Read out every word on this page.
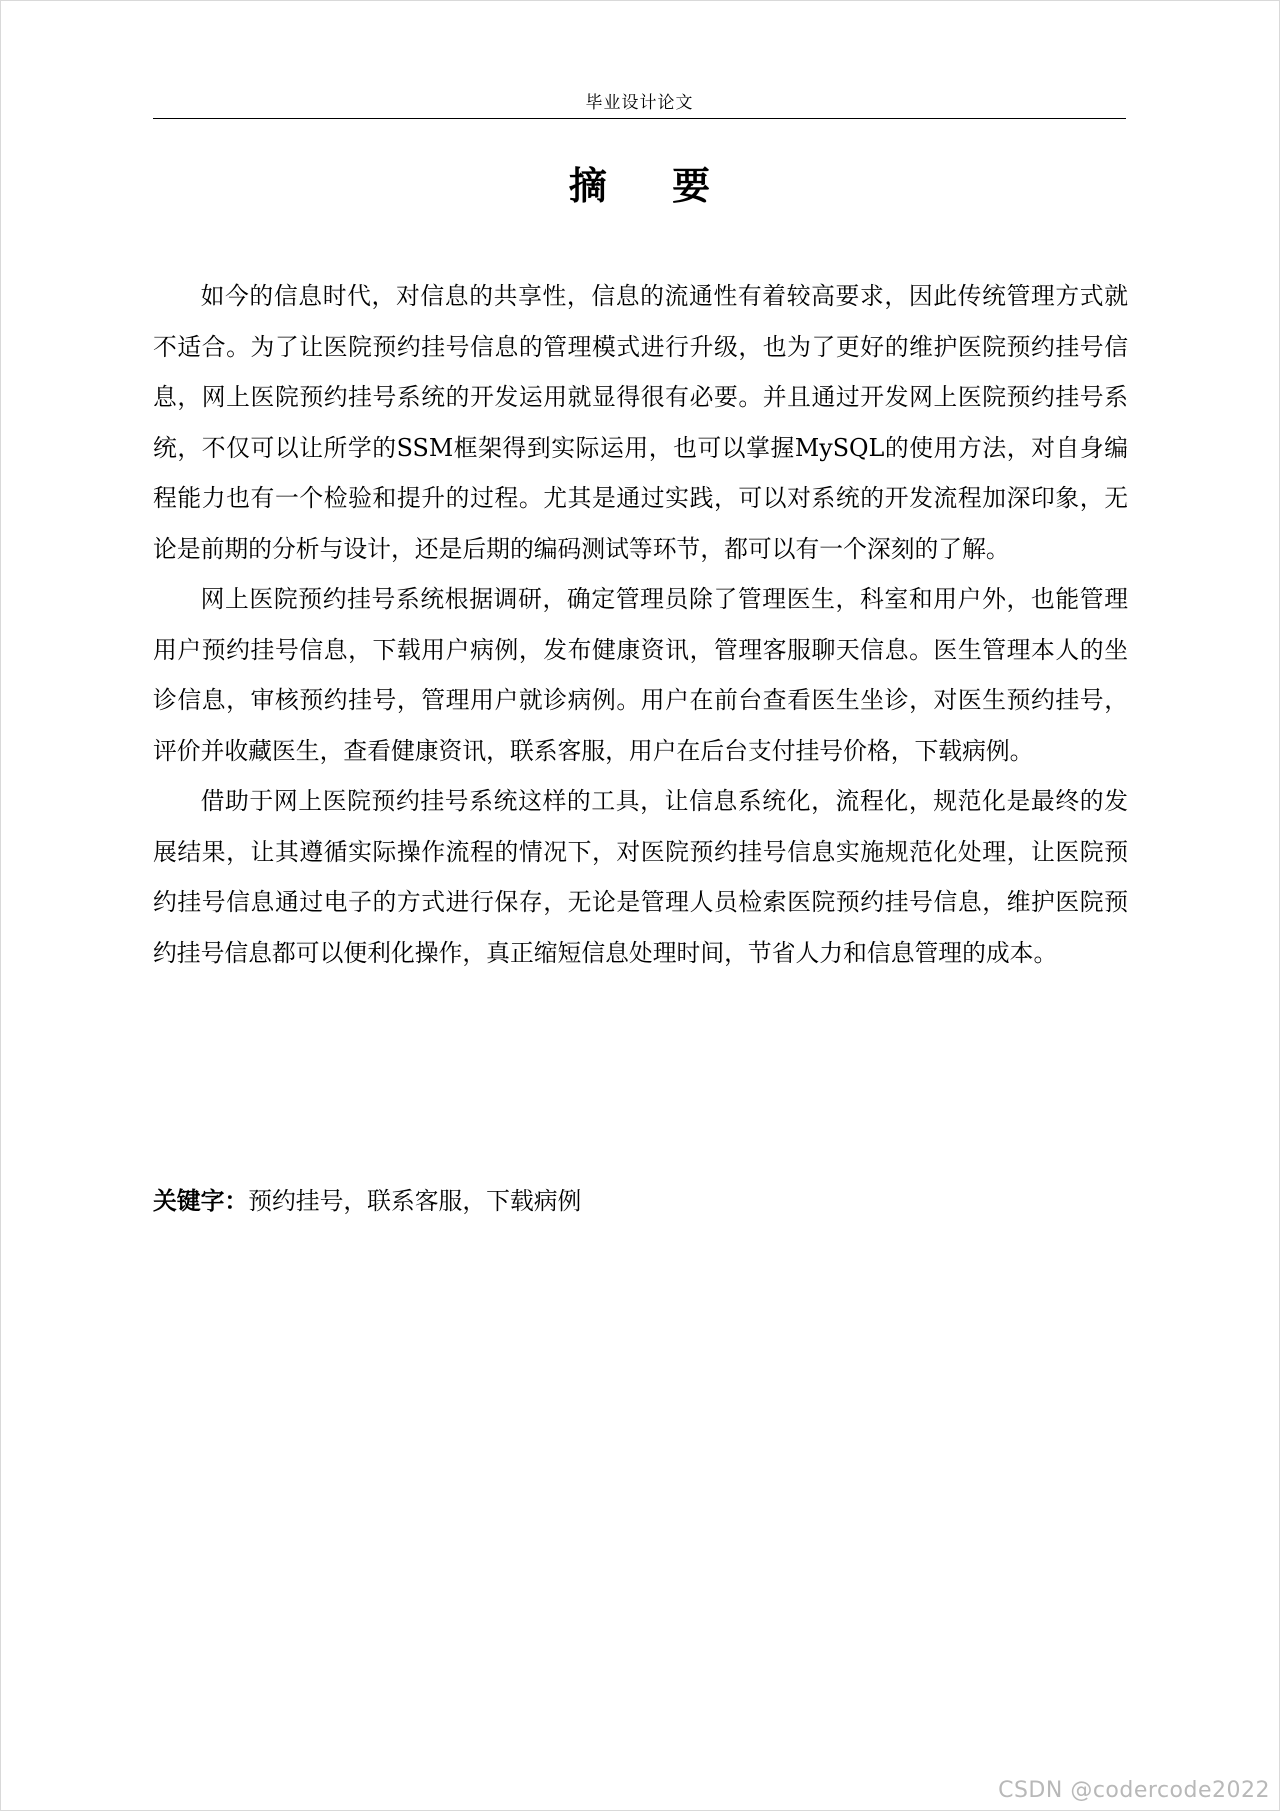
毕业设计论文
摘 要

如今的信息时代，对信息的共享性，信息的流通性有着较高要求，因此传统管理方式就不适合。为了让医院预约挂号信息的管理模式进行升级，也为了更好的维护医院预约挂号信息，网上医院预约挂号系统的开发运用就显得很有必要。并且通过开发网上医院预约挂号系统，不仅可以让所学的SSM框架得到实际运用，也可以掌握MySQL的使用方法，对自身编程能力也有一个检验和提升的过程。尤其是通过实践，可以对系统的开发流程加深印象，无论是前期的分析与设计，还是后期的编码测试等环节，都可以有一个深刻的了解。

网上医院预约挂号系统根据调研，确定管理员除了管理医生，科室和用户外，也能管理用户预约挂号信息，下载用户病例，发布健康资讯，管理客服聊天信息。医生管理本人的坐诊信息，审核预约挂号，管理用户就诊病例。用户在前台查看医生坐诊，对医生预约挂号，评价并收藏医生，查看健康资讯，联系客服，用户在后台支付挂号价格，下载病例。

借助于网上医院预约挂号系统这样的工具，让信息系统化，流程化，规范化是最终的发展结果，让其遵循实际操作流程的情况下，对医院预约挂号信息实施规范化处理，让医院预约挂号信息通过电子的方式进行保存，无论是管理人员检索医院预约挂号信息，维护医院预约挂号信息都可以便利化操作，真正缩短信息处理时间，节省人力和信息管理的成本。

关键字：预约挂号，联系客服，下载病例
CSDN @codercode2022
